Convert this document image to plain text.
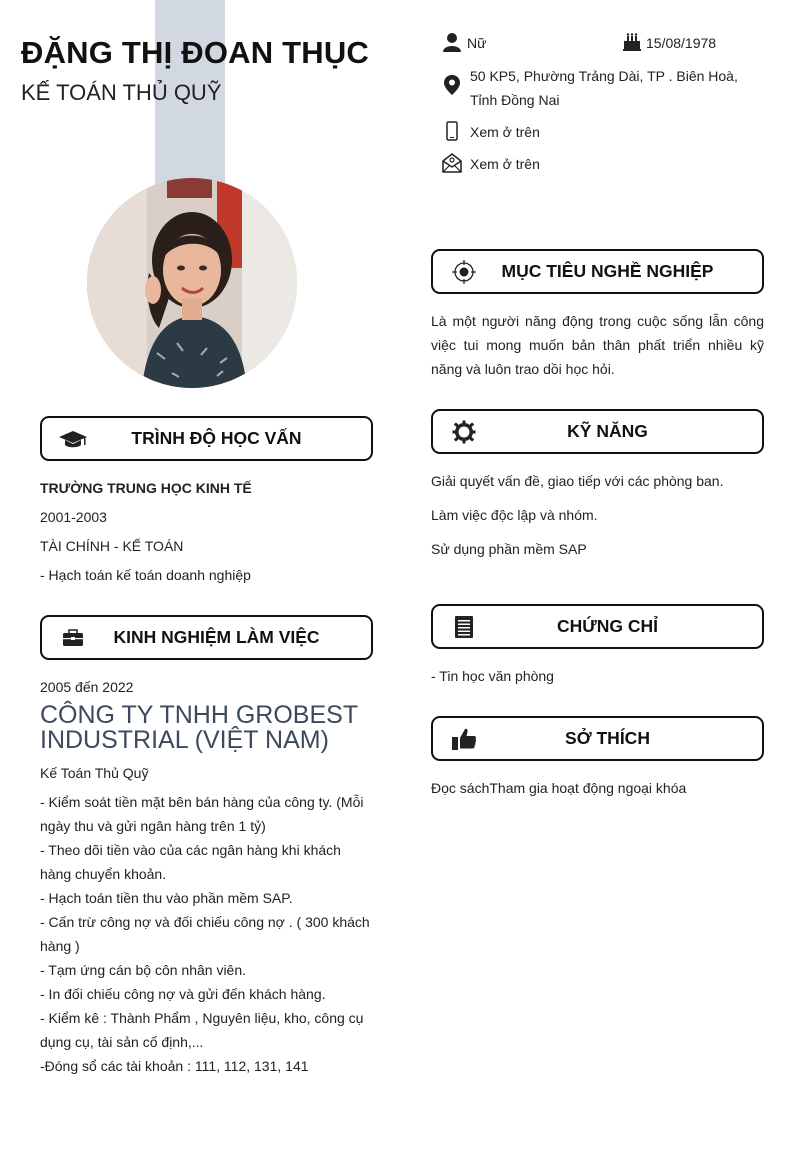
ĐẶNG THỊ ĐOAN THỤC
KẾ TOÁN THỦ QUỸ
Nữ	15/08/1978
50 KP5, Phường Trảng Dài, TP . Biên Hoà, Tỉnh Đồng Nai
Xem ở trên
Xem ở trên
TRÌNH ĐỘ HỌC VẤN
TRƯỜNG TRUNG HỌC KINH TẾ
2001-2003
TÀI CHÍNH - KẾ TOÁN
- Hạch toán kế toán doanh nghiệp
KINH NGHIỆM LÀM VIỆC
2005 đến 2022
CÔNG TY TNHH GROBEST INDUSTRIAL (VIỆT NAM)
Kế Toán Thủ Quỹ
- Kiểm soát tiền mặt bên bán hàng của công ty. (Mỗi ngày thu và gửi ngân hàng trên 1 tỷ)
- Theo dõi tiền vào của các ngân hàng khi khách hàng chuyển khoản.
- Hạch toán tiền thu vào phần mềm SAP.
- Cấn trừ công nợ và đối chiếu công nợ . ( 300 khách hàng )
- Tạm ứng cán bộ côn nhân viên.
- In đối chiếu công nợ và gửi đến khách hàng.
- Kiểm kê : Thành Phẩm , Nguyên liệu, kho, công cụ dụng cụ, tài sản cố định,...
-Đóng sổ các tài khoản : 111, 112, 131, 141
MỤC TIÊU NGHỀ NGHIỆP
Là một người năng động trong cuộc sống lẫn công việc tui mong muốn bản thân phất triển nhiều kỹ năng và luôn trao dồi học hỏi.
KỸ NĂNG
Giải quyết vấn đề, giao tiếp với các phòng ban.
Làm việc độc lập và nhóm.
Sử dụng phần mềm SAP
CHỨNG CHỈ
- Tin học văn phòng
SỞ THÍCH
Đọc sáchTham gia hoạt động ngoại khóa
